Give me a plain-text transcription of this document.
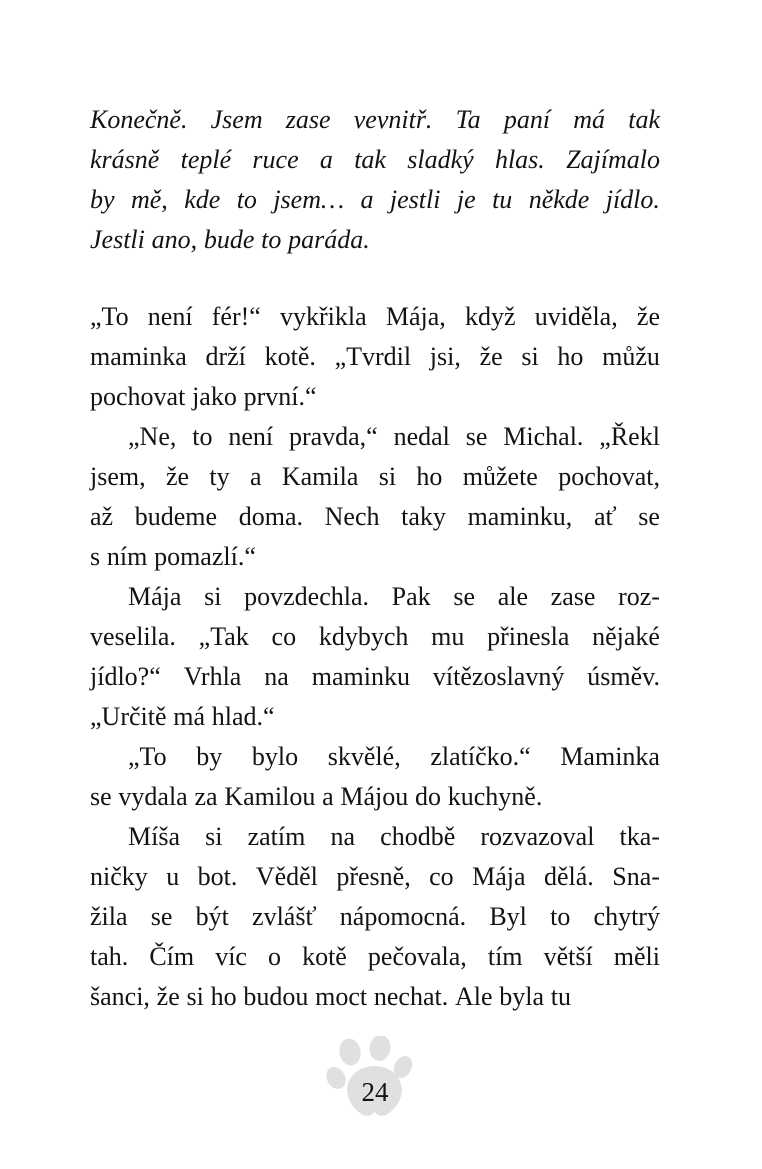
Konečně. Jsem zase vevnitř. Ta paní má tak
krásně teplé ruce a tak sladký hlas. Zajímalo
by mě, kde to jsem… a jestli je tu někde jídlo.
Jestli ano, bude to paráda.
„To není fér!“ vykřikla Mája, když uviděla, že
maminka drží kotě. „Tvrdil jsi, že si ho můžu
pochovat jako první.“
„Ne, to není pravda,“ nedal se Michal. „Řekl
jsem, že ty a Kamila si ho můžete pochovat,
až budeme doma. Nech taky maminku, ať se
s ním pomazlí.“
Mája si povzdechla. Pak se ale zase roz-
veselila. „Tak co kdybych mu přinesla nějaké
jídlo?“ Vrhla na maminku vítězoslavný úsměv.
„Určitě má hlad.“
„To by bylo skvělé, zlatíčko.“ Maminka
se vydala za Kamilou a Májou do kuchyně.
Míša si zatím na chodbě rozvazoval tka-
ničky u bot. Věděl přesně, co Mája dělá. Sna-
žila se být zvlášť nápomocná. Byl to chytrý
tah. Čím víc o kotě pečovala, tím větší měli
šanci, že si ho budou moct nechat. Ale byla tu
24
